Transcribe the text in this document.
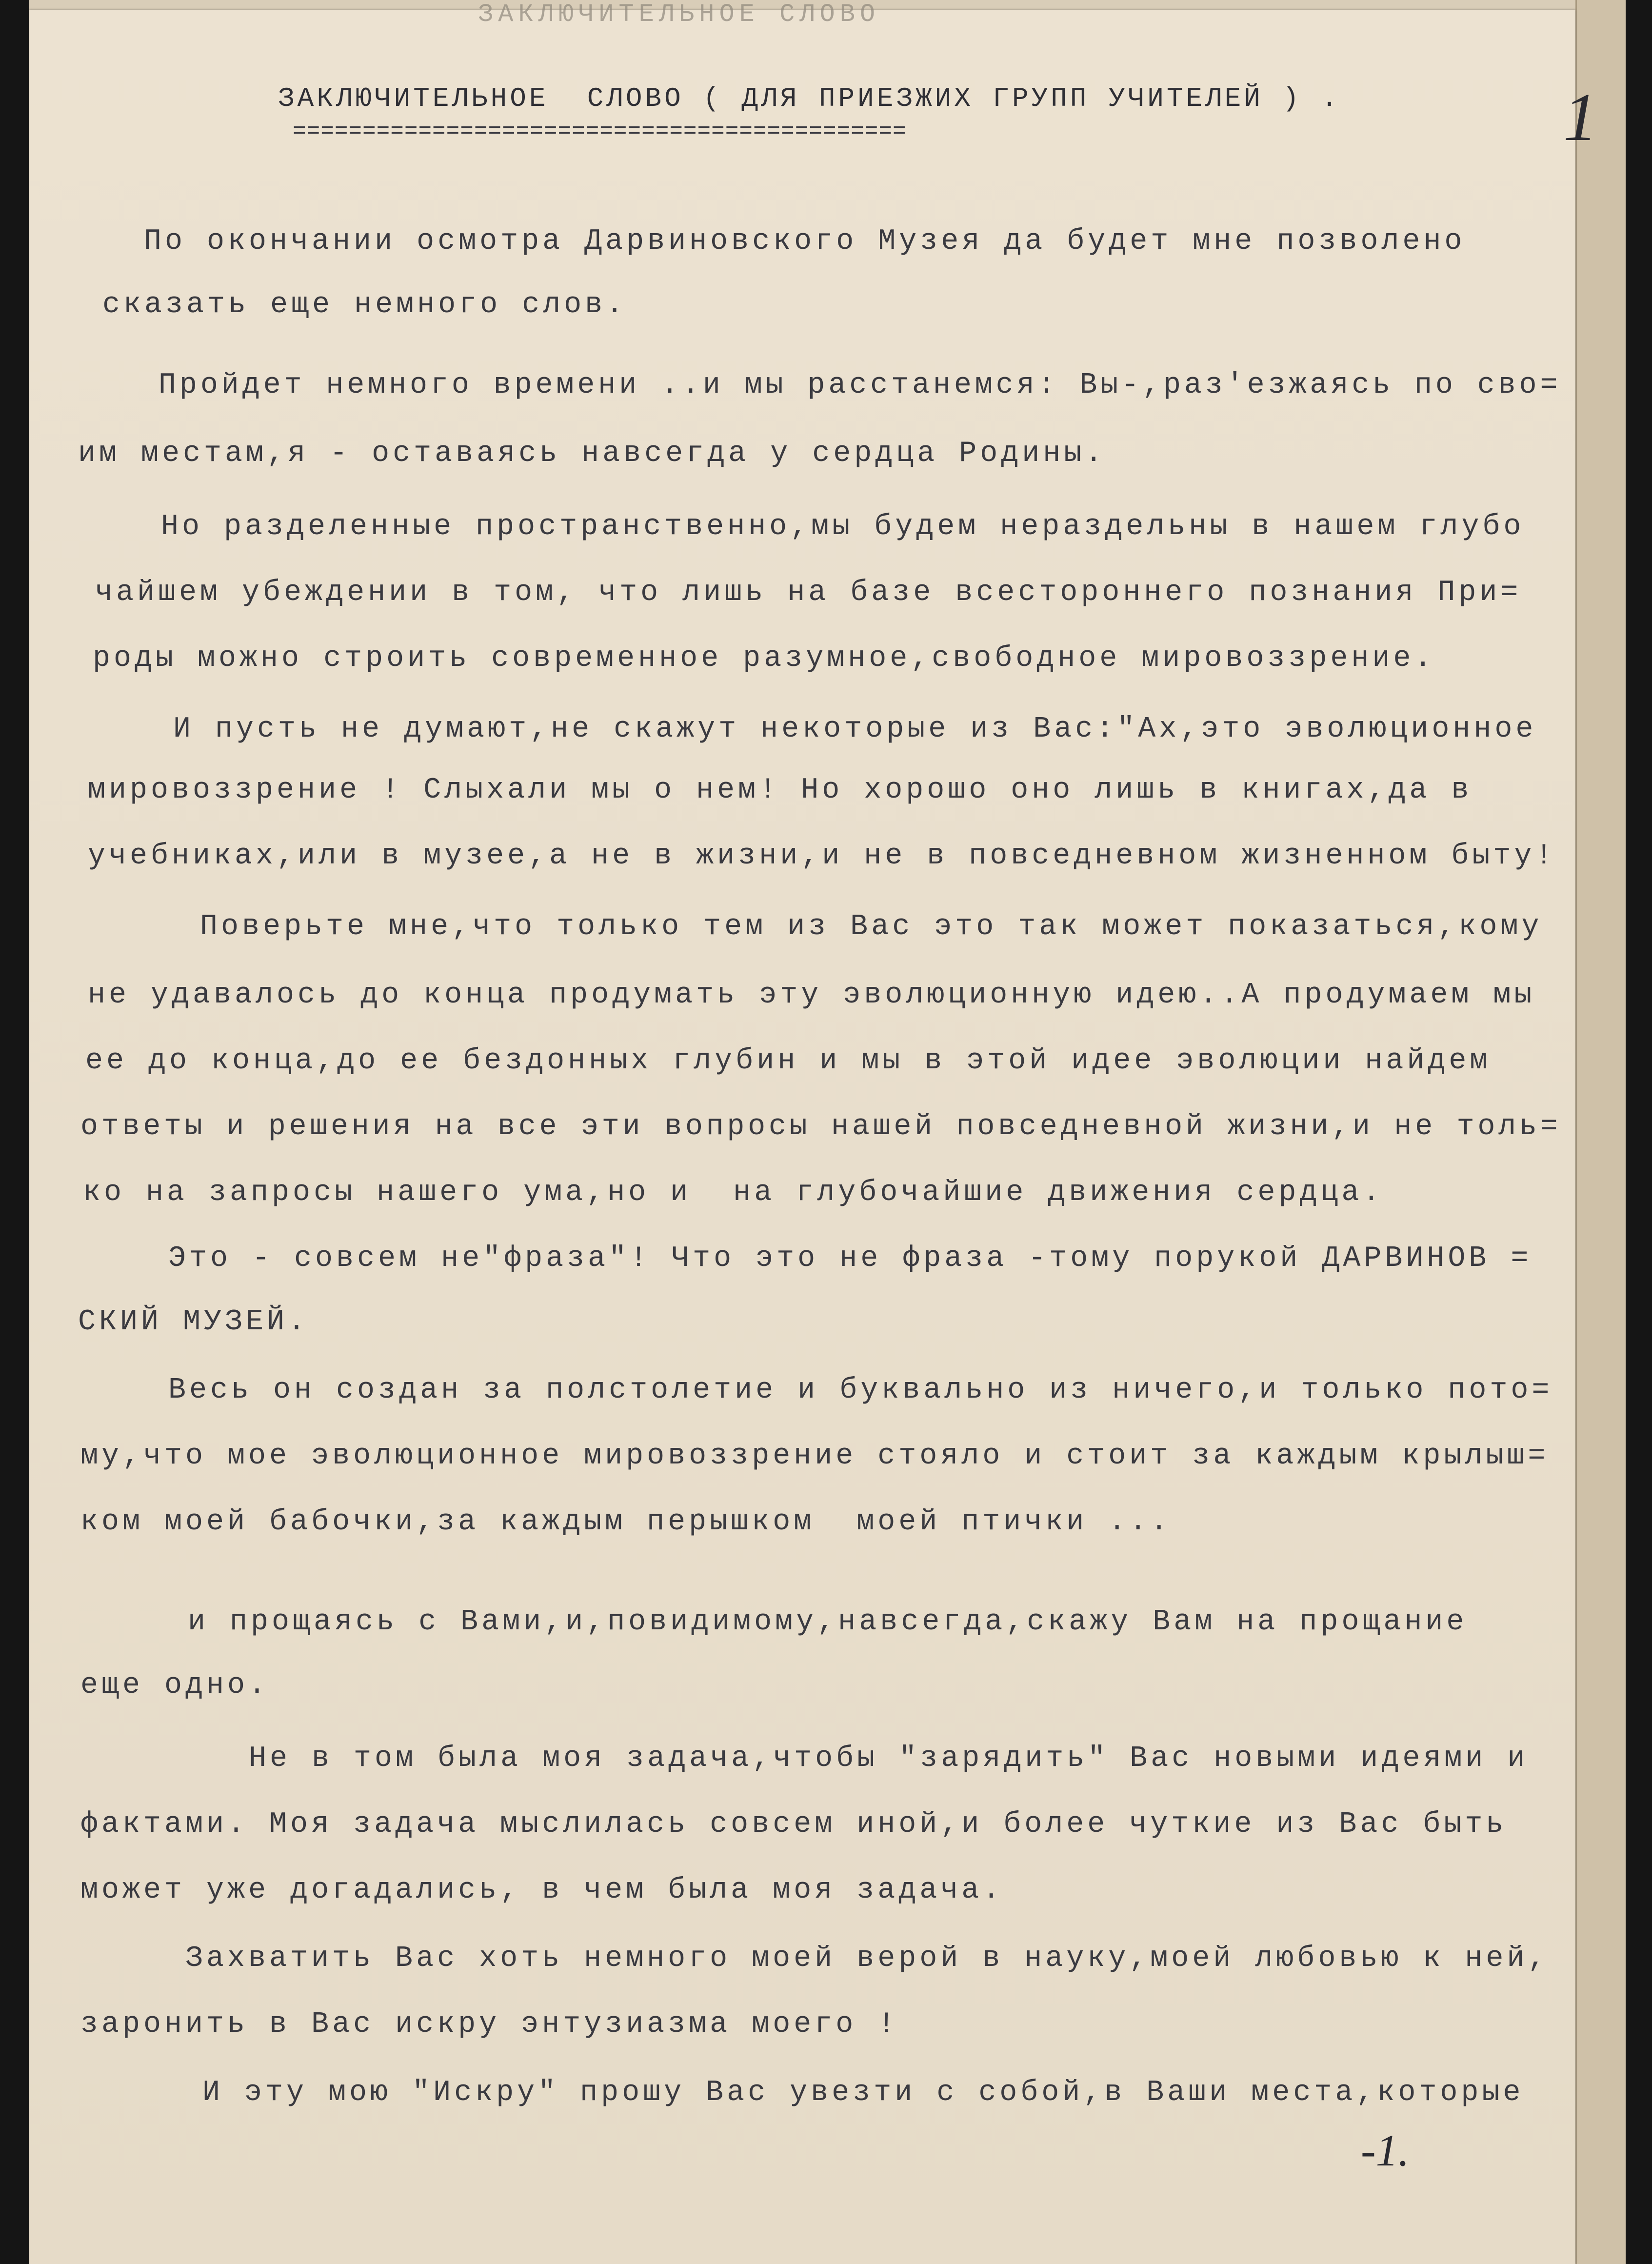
ЗАКЛЮЧИТЕЛЬНОЕ СЛОВО
ЗАКЛЮЧИТЕЛЬНОЕ  СЛОВО ( ДЛЯ ПРИЕЗЖИХ ГРУПП УЧИТЕЛЕЙ ) .
============================================	1
По окончании осмотра Дарвиновского Музея да будет мне позволено
сказать еще немного слов.
Пройдет немного времени ..и мы расстанемся: Вы-,раз'езжаясь по сво=
им местам,я - оставаясь навсегда у сердца Родины.
Но разделенные пространственно,мы будем нераздельны в нашем глубо
чайшем убеждении в том, что лишь на базе всестороннего познания При=
роды можно строить современное разумное,свободное мировоззрение.
И пусть не думают,не скажут некоторые из Вас:"Ах,это эволюционное
мировоззрение ! Слыхали мы о нем! Но хорошо оно лишь в книгах,да в
учебниках,или в музее,а не в жизни,и не в повседневном жизненном быту!
Поверьте мне,что только тем из Вас это так может показаться,кому
не удавалось до конца продумать эту эволюционную идею..А продумаем мы
ее до конца,до ее бездонных глубин и мы в этой идее эволюции найдем
ответы и решения на все эти вопросы нашей повседневной жизни,и не толь=
ко на запросы нашего ума,но и  на глубочайшие движения сердца.
Это - совсем не"фраза"! Что это не фраза -тому порукой ДАРВИНОВ =
СКИЙ МУЗЕЙ.
Весь он создан за полстолетие и буквально из ничего,и только пото=
му,что мое эволюционное мировоззрение стояло и стоит за каждым крылыш=
ком моей бабочки,за каждым перышком  моей птички ...
и прощаясь с Вами,и,повидимому,навсегда,скажу Вам на прощание
еще одно.
Не в том была моя задача,чтобы "зарядить" Вас новыми идеями и
фактами. Моя задача мыслилась совсем иной,и более чуткие из Вас быть
может уже догадались, в чем была моя задача.
Захватить Вас хоть немного моей верой в науку,моей любовью к ней,
заронить в Вас искру энтузиазма моего !
И эту мою "Искру" прошу Вас увезти с собой,в Ваши места,которые
-1.
